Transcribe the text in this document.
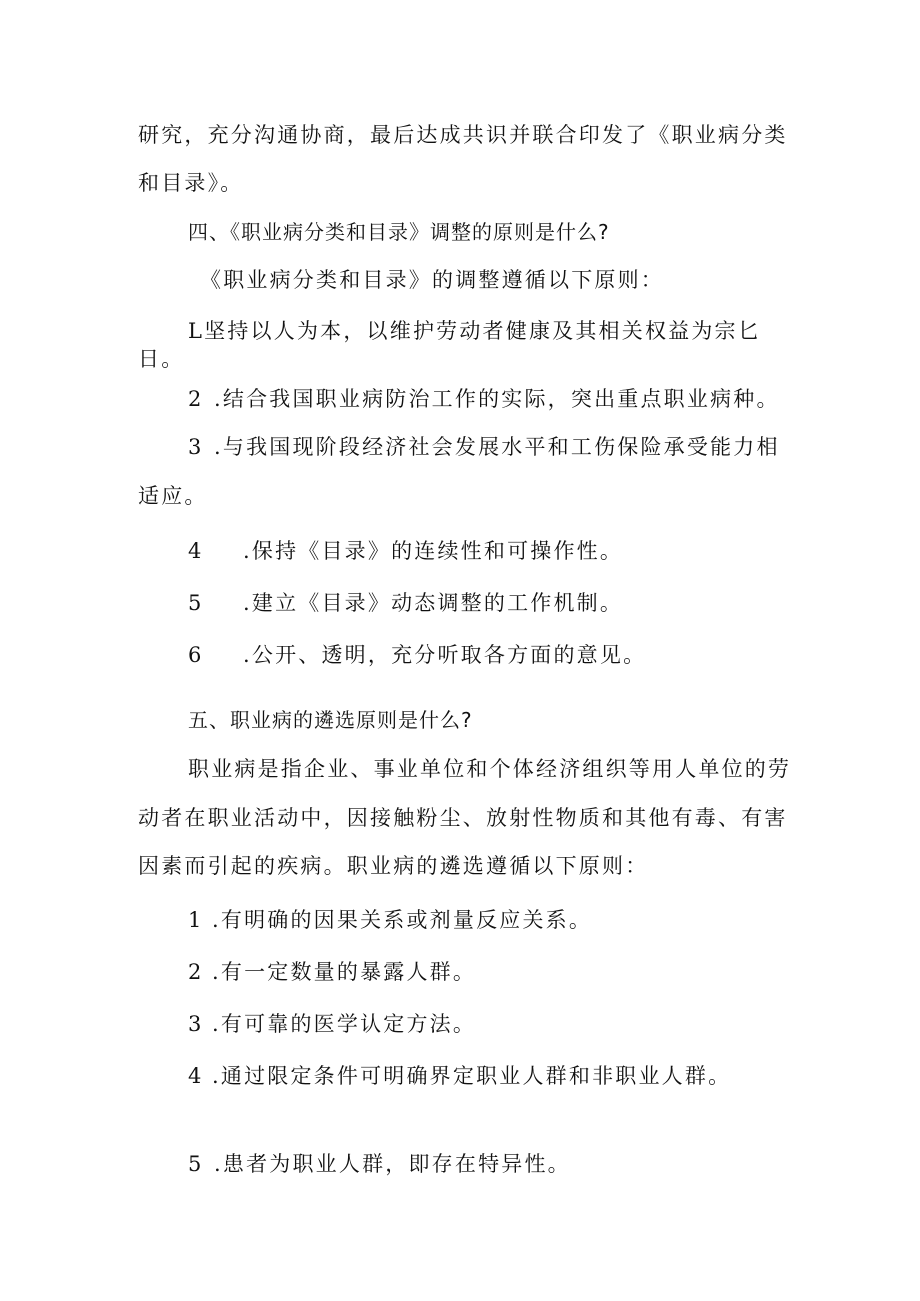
研究，充分沟通协商，最后达成共识并联合印发了《职业病分类
和目录》。
四、《职业病分类和目录》调整的原则是什么?
《职业病分类和目录》的调整遵循以下原则：
L坚持以人为本，以维护劳动者健康及其相关权益为宗匕
日。
2 .结合我国职业病防治工作的实际，突出重点职业病种。
3 .与我国现阶段经济社会发展水平和工伤保险承受能力相
适应。
4 .保持《目录》的连续性和可操作性。
5 .建立《目录》动态调整的工作机制。
6 .公开、透明，充分听取各方面的意见。
五、职业病的遴选原则是什么?
职业病是指企业、事业单位和个体经济组织等用人单位的劳
动者在职业活动中，因接触粉尘、放射性物质和其他有毒、有害
因素而引起的疾病。职业病的遴选遵循以下原则：
1 .有明确的因果关系或剂量反应关系。
2 .有一定数量的暴露人群。
3 .有可靠的医学认定方法。
4 .通过限定条件可明确界定职业人群和非职业人群。
5 .患者为职业人群，即存在特异性。
